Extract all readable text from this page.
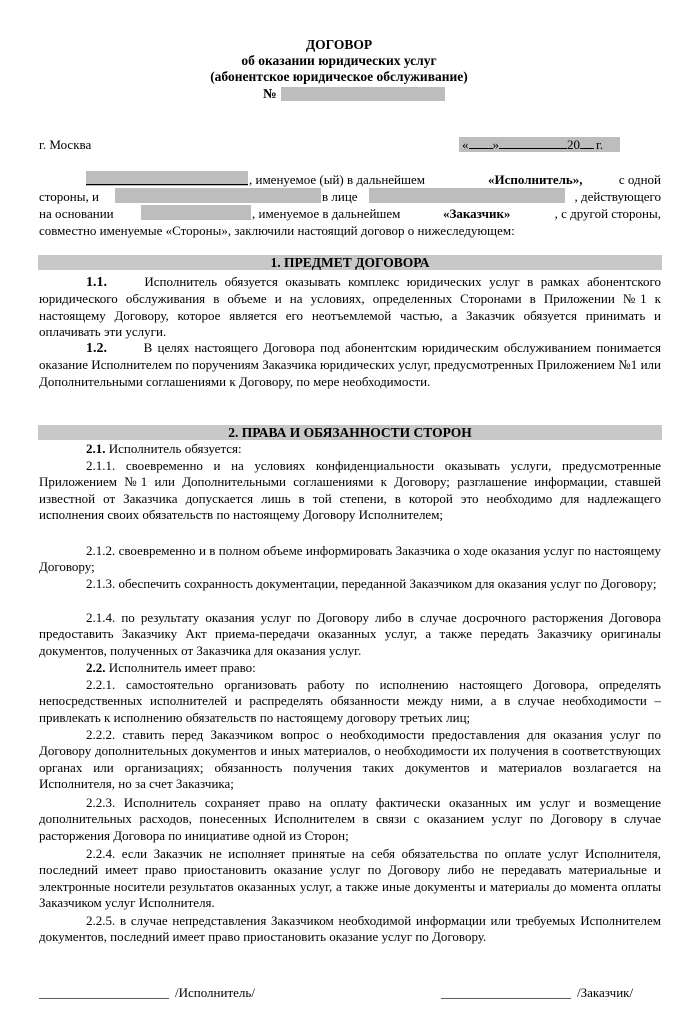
ДОГОВОР
об оказании юридических услуг
(абонентское юридическое обслуживание)
№
г. Москва	« »	20 г.
, именуемое (ый) в дальнейшем	«Исполнитель»,	с одной
стороны, и	в лице	, действующего
на основании	, именуемое в дальнейшем	«Заказчик»	, с другой стороны,
совместно именуемые «Стороны», заключили настоящий договор о нижеследующем:
1. ПРЕДМЕТ ДОГОВОРА
1.1.	Исполнитель обязуется оказывать комплекс юридических услуг в рамках абонентского юридического обслуживания в объеме и на условиях, определенных Сторонами в Приложении №1 к настоящему Договору, которое является его неотъемлемой частью, а Заказчик обязуется принимать и оплачивать эти услуги.
1.2.	В целях настоящего Договора под абонентским юридическим обслуживанием понимается оказание Исполнителем по поручениям Заказчика юридических услуг, предусмотренных Приложением №1 или Дополнительными соглашениями к Договору, по мере необходимости.
2. ПРАВА И ОБЯЗАННОСТИ СТОРОН
2.1. Исполнитель обязуется:
2.1.1. своевременно и на условиях конфиденциальности оказывать услуги, предусмотренные Приложением №1 или Дополнительными соглашениями к Договору; разглашение информации, ставшей известной от Заказчика допускается лишь в той степени, в которой это необходимо для надлежащего исполнения своих обязательств по настоящему Договору Исполнителем;
2.1.2. своевременно и в полном объеме информировать Заказчика о ходе оказания услуг по настоящему Договору;
2.1.3. обеспечить сохранность документации, переданной Заказчиком для оказания услуг по Договору;
2.1.4. по результату оказания услуг по Договору либо в случае досрочного расторжения Договора предоставить Заказчику Акт приема-передачи оказанных услуг, а также передать Заказчику оригиналы документов, полученных от Заказчика для оказания услуг.
2.2. Исполнитель имеет право:
2.2.1. самостоятельно организовать работу по исполнению настоящего Договора, определять непосредственных исполнителей и распределять обязанности между ними, а в случае необходимости – привлекать к исполнению обязательств по настоящему договору третьих лиц;
2.2.2. ставить перед Заказчиком вопрос о необходимости предоставления для оказания услуг по Договору дополнительных документов и иных материалов, о необходимости их получения в соответствующих органах или организациях; обязанность получения таких документов и материалов возлагается на Исполнителя, но за счет Заказчика;
2.2.3. Исполнитель сохраняет право на оплату фактически оказанных им услуг и возмещение дополнительных расходов, понесенных Исполнителем в связи с оказанием услуг по Договору в случае расторжения Договора по инициативе одной из Сторон;
2.2.4. если Заказчик не исполняет принятые на себя обязательства по оплате услуг Исполнителя, последний имеет право приостановить оказание услуг по Договору либо не передавать материальные и электронные носители результатов оказанных услуг, а также иные документы и материалы до момента оплаты Заказчиком услуг Исполнителя.
2.2.5. в случае непредставления Заказчиком необходимой информации или требуемых Исполнителем документов, последний имеет право приостановить оказание услуг по Договору.
____________________ /Исполнитель/	____________________ /Заказчик/
